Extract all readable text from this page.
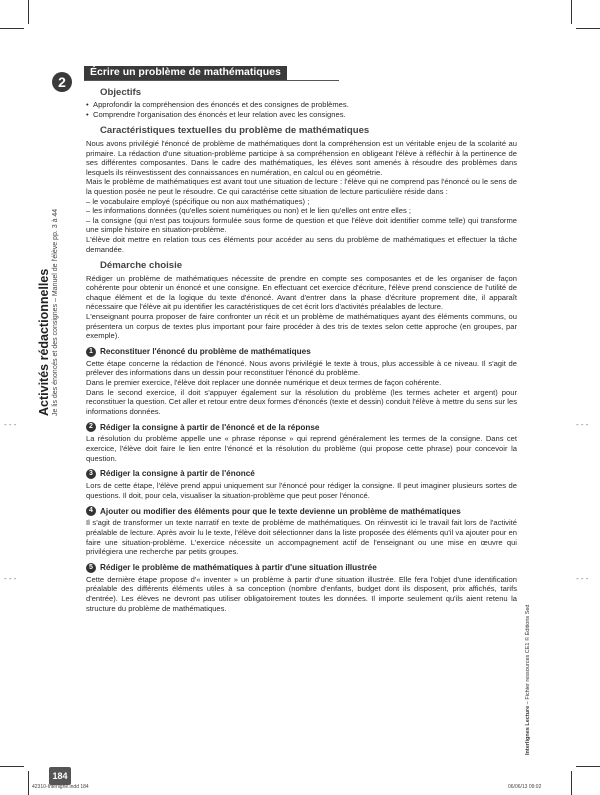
- - -	- - -
- - -	- - -
2
Activités rédactionnelles Je lis des énoncés et des consignes – Manuel de l'élève pp. 3 à 44
Interlignes Lecture – Fichier ressources CE1 © Éditions Sed
184
42310-Interligne.indd 184	06/06/13 09:02
Écrire un problème de mathématiques
Objectifs
• Approfondir la compréhension des énoncés et des consignes de problèmes.
• Comprendre l'organisation des énoncés et leur relation avec les consignes.
Caractéristiques textuelles du problème de mathématiques

Nous avons privilégié l'énoncé de problème de mathématiques dont la compréhension est un véritable enjeu de la scolarité au primaire. La rédaction d'une situation-problème participe à sa compréhension en obligeant l'élève à réfléchir à la pertinence de ses différentes composantes. Dans le cadre des mathématiques, les élèves sont amenés à résoudre des problèmes dans lesquels ils réinvestissent des connaissances en numération, en calcul ou en géométrie.

Mais le problème de mathématiques est avant tout une situation de lecture : l'élève qui ne comprend pas l'énoncé ou le sens de la question posée ne peut le résoudre. Ce qui caractérise cette situation de lecture particulière réside dans :

– le vocabulaire employé (spécifique ou non aux mathématiques) ;

– les informations données (qu'elles soient numériques ou non) et le lien qu'elles ont entre elles ;

– la consigne (qui n'est pas toujours formulée sous forme de question et que l'élève doit identifier comme telle) qui transforme une simple histoire en situation-problème.

L'élève doit mettre en relation tous ces éléments pour accéder au sens du problème de mathématiques et effectuer la tâche demandée.

Démarche choisie

Rédiger un problème de mathématiques nécessite de prendre en compte ses composantes et de les organiser de façon cohérente pour obtenir un énoncé et une consigne. En effectuant cet exercice d'écriture, l'élève prend conscience de l'utilité de chaque élément et de la logique du texte d'énoncé. Avant d'entrer dans la phase d'écriture proprement dite, il apparaît nécessaire que l'élève ait pu identifier les caractéristiques de cet écrit lors d'activités préalables de lecture.

L'enseignant pourra proposer de faire confronter un récit et un problème de mathématiques ayant des éléments communs, ou présentera un corpus de textes plus important pour faire procéder à des tris de textes selon cette approche (en groupes, par exemple).

1 Reconstituer l'énoncé du problème de mathématiques

Cette étape concerne la rédaction de l'énoncé. Nous avons privilégié le texte à trous, plus accessible à ce niveau. Il s'agit de prélever des informations dans un dessin pour reconstituer l'énoncé du problème.

Dans le premier exercice, l'élève doit replacer une donnée numérique et deux termes de façon cohérente.

Dans le second exercice, il doit s'appuyer également sur la résolution du problème (les termes acheter et argent) pour reconstituer la question. Cet aller et retour entre deux formes d'énoncés (texte et dessin) conduit l'élève à mettre du sens sur les informations données.

2 Rédiger la consigne à partir de l'énoncé et de la réponse

La résolution du problème appelle une « phrase réponse » qui reprend généralement les termes de la consigne. Dans cet exercice, l'élève doit faire le lien entre l'énoncé et la résolution du problème (qui propose cette phrase) pour concevoir la question.

3 Rédiger la consigne à partir de l'énoncé

Lors de cette étape, l'élève prend appui uniquement sur l'énoncé pour rédiger la consigne. Il peut imaginer plusieurs sortes de questions. Il doit, pour cela, visualiser la situation-problème que peut poser l'énoncé.

4 Ajouter ou modifier des éléments pour que le texte devienne un problème de mathématiques

Il s'agit de transformer un texte narratif en texte de problème de mathématiques. On réinvestit ici le travail fait lors de l'activité préalable de lecture. Après avoir lu le texte, l'élève doit sélectionner dans la liste proposée des éléments qu'il va ajouter pour en faire une situation-problème. L'exercice nécessite un accompagnement actif de l'enseignant ou une mise en œuvre qui privilégiera une recherche par petits groupes.

5 Rédiger le problème de mathématiques à partir d'une situation illustrée

Cette dernière étape propose d'« inventer » un problème à partir d'une situation illustrée. Elle fera l'objet d'une identification préalable des différents éléments utiles à sa conception (nombre d'enfants, budget dont ils disposent, prix affichés, tarifs d'entrée). Les élèves ne devront pas utiliser obligatoirement toutes les données. Il importe seulement qu'ils aient retenu la structure du problème de mathématiques.
